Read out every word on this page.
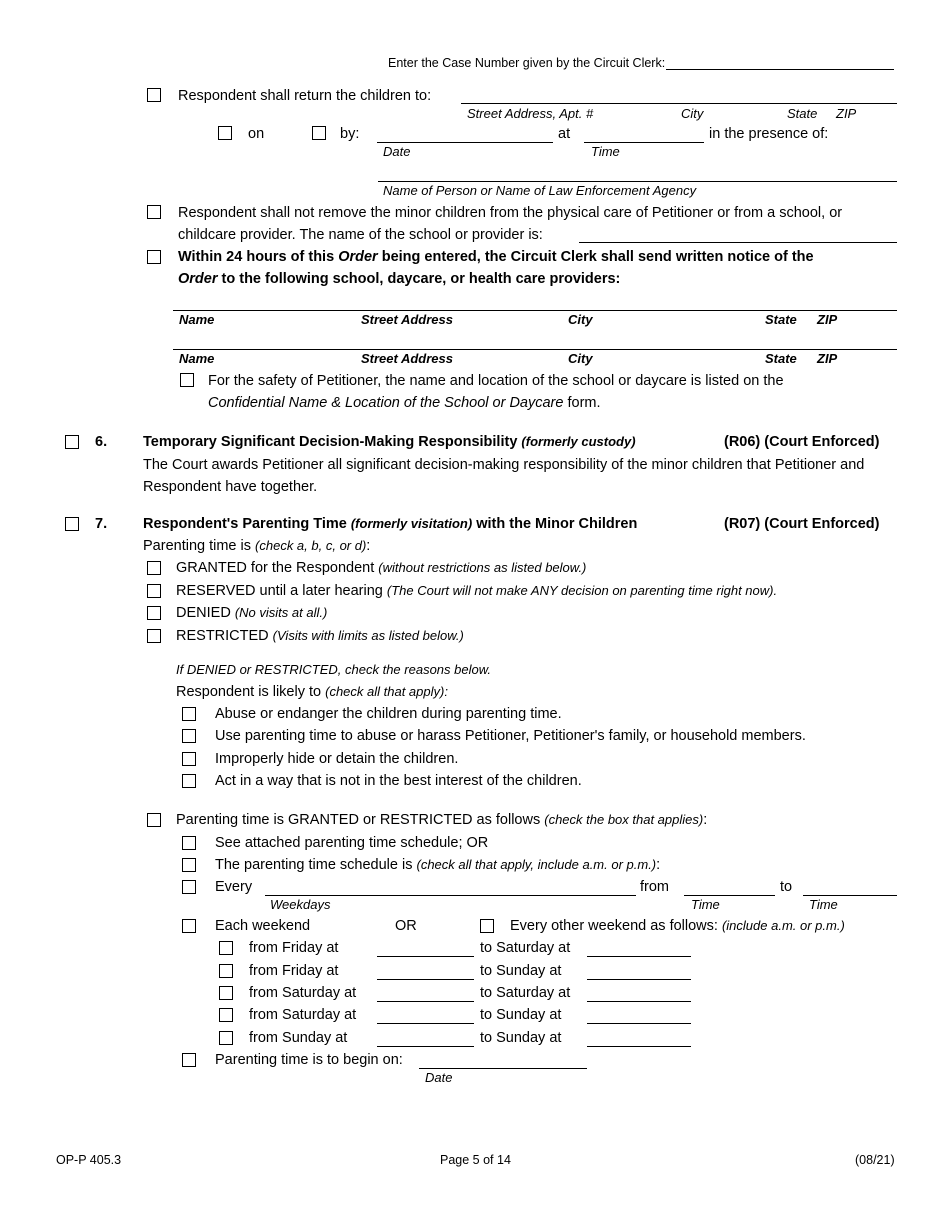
Enter the Case Number given by the Circuit Clerk:
Respondent shall return the children to:
Street Address, Apt. #	City	State ZIP
on	by:	at	in the presence of:
Date	Time
Name of Person or Name of Law Enforcement Agency
Respondent shall not remove the minor children from the physical care of Petitioner or from a school, or
childcare provider. The name of the school or provider is:
Within 24 hours of this Order being entered, the Circuit Clerk shall send written notice of the
Order to the following school, daycare, or health care providers:
Name	Street Address	City	State ZIP
Name	Street Address	City	State ZIP
For the safety of Petitioner, the name and location of the school or daycare is listed on the
Confidential Name & Location of the School or Daycare form.
6. Temporary Significant Decision-Making Responsibility (formerly custody)	(R06) (Court Enforced)
The Court awards Petitioner all significant decision-making responsibility of the minor children that Petitioner and
Respondent have together.
7. Respondent's Parenting Time (formerly visitation) with the Minor Children	(R07) (Court Enforced)
Parenting time is (check a, b, c, or d):
GRANTED for the Respondent (without restrictions as listed below.)
RESERVED until a later hearing (The Court will not make ANY decision on parenting time right now).
DENIED (No visits at all.)
RESTRICTED (Visits with limits as listed below.)
If DENIED or RESTRICTED, check the reasons below.
Respondent is likely to (check all that apply):
Abuse or endanger the children during parenting time.
Use parenting time to abuse or harass Petitioner, Petitioner's family, or household members.
Improperly hide or detain the children.
Act in a way that is not in the best interest of the children.
Parenting time is GRANTED or RESTRICTED as follows (check the box that applies):
See attached parenting time schedule; OR
The parenting time schedule is (check all that apply, include a.m. or p.m.):
Every	from	to
Weekdays	Time	Time
Each weekend	OR	Every other weekend as follows: (include a.m. or p.m.)
from Friday at	to Saturday at
from Friday at	to Sunday at
from Saturday at	to Saturday at
from Saturday at	to Sunday at
from Sunday at	to Sunday at
Parenting time is to begin on:
Date
OP-P 405.3	Page 5 of 14	(08/21)
